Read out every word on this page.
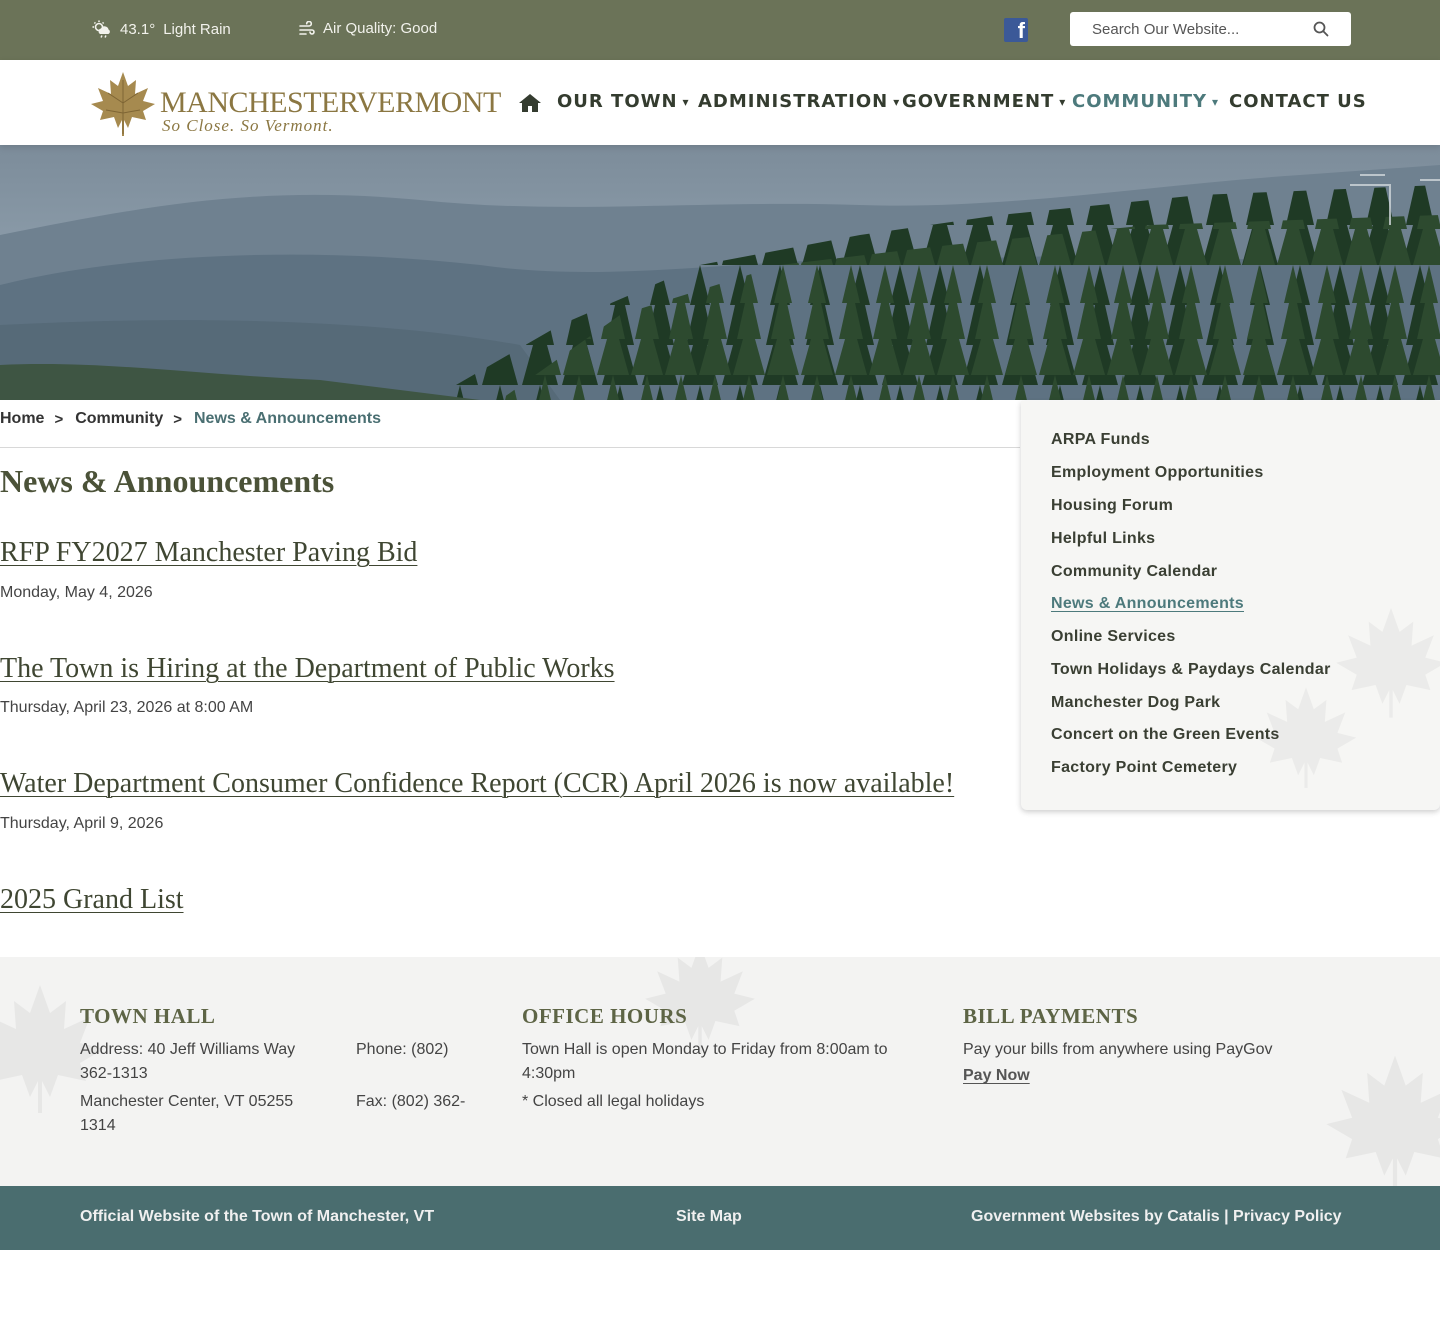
43.1° Light Rain	Air Quality: Good	f
Search Our Website...
MANCHESTERVERMONT
So Close. So Vermont.
OUR TOWN ▾ ADMINISTRATION ▾ GOVERNMENT ▾ COMMUNITY ▾ CONTACT US
Home > Community > News & Announcements
News & Announcements
RFP FY2027 Manchester Paving Bid
Monday, May 4, 2026
The Town is Hiring at the Department of Public Works
Thursday, April 23, 2026 at 8:00 AM
Water Department Consumer Confidence Report (CCR) April 2026 is now available!
Thursday, April 9, 2026
2025 Grand List
ARPA Funds
Employment Opportunities
Housing Forum
Helpful Links
Community Calendar
News & Announcements
Online Services
Town Holidays & Paydays Calendar
Manchester Dog Park
Concert on the Green Events
Factory Point Cemetery
TOWN HALL
Address: 40 Jeff Williams Way
Manchester Center, VT 05255
Phone: (802) 362-1313
Fax: (802) 362-1314
OFFICE HOURS
Town Hall is open Monday to Friday from 8:00am to 4:30pm
* Closed all legal holidays
BILL PAYMENTS
Pay your bills from anywhere using PayGov
Pay Now
Official Website of the Town of Manchester, VT	Site Map	Government Websites by Catalis | Privacy Policy
